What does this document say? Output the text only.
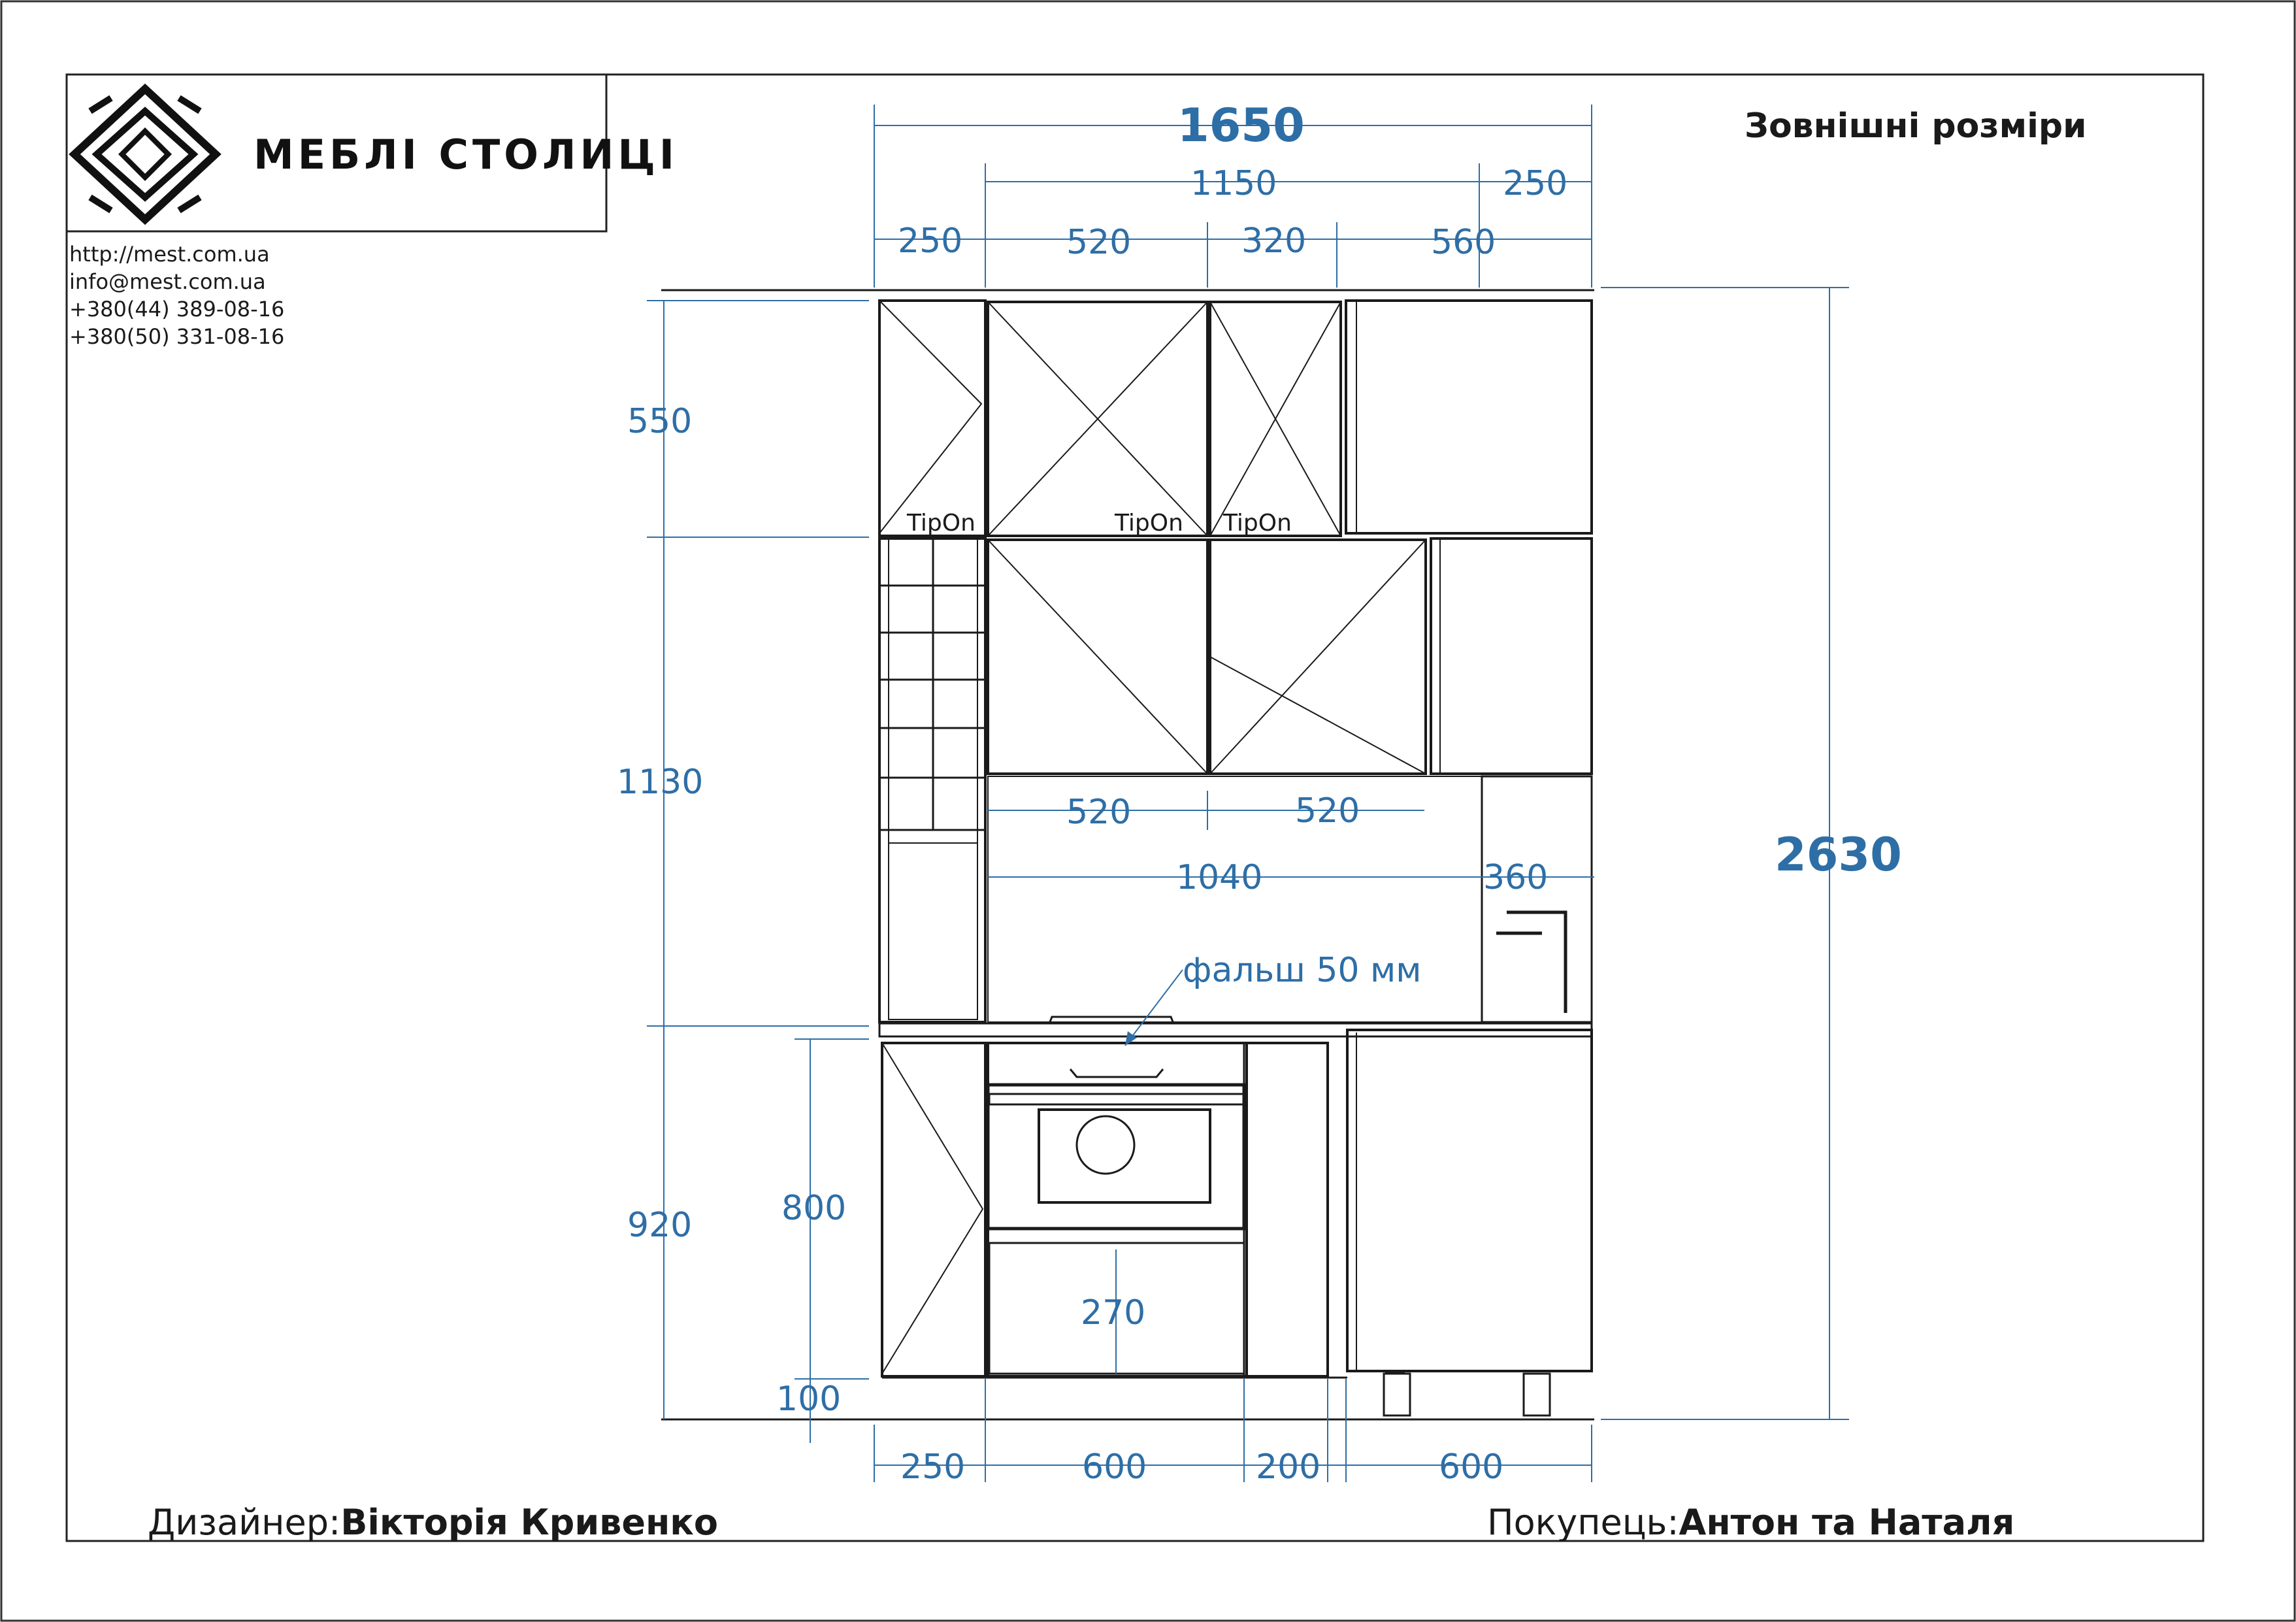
МЕБЛІ СТОЛИЦІ
http://mest.com.ua
info@mest.com.ua
+380(44) 389-08-16
+380(50) 331-08-16
Зовнішні розміри
1650
1150	250
250	520	320	560
550
1130
920	800
100
2630
520	520
1040	360
270
250	600	200	600
фальш 50 мм
TipOn	TipOn TipOn
Дизайнер:Вікторія Кривенко	Покупець:Антон та Наталя
